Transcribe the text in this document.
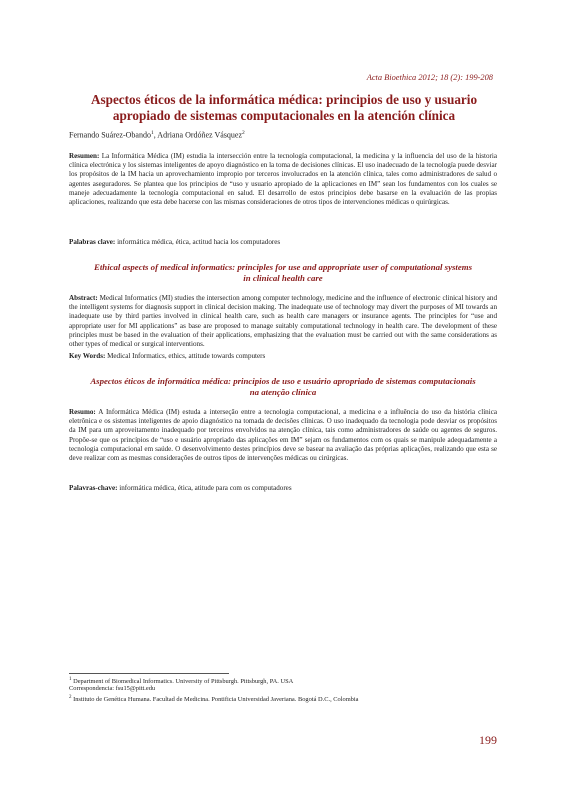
Acta Bioethica 2012; 18 (2): 199-208
Aspectos éticos de la informática médica: principios de uso y usuario apropiado de sistemas computacionales en la atención clínica
Fernando Suárez-Obando$^1$, Adriana Ordóñez Vásquez$^2$
Resumen: La Informática Médica (IM) estudia la intersección entre la tecnología computacional, la medicina y la influencia del uso de la historia clínica electrónica y los sistemas inteligentes de apoyo diagnóstico en la toma de decisiones clínicas. El uso inadecuado de la tecnología puede desviar los propósitos de la IM hacia un aprovechamiento impropio por terceros involucrados en la atención clínica, tales como administradores de salud o agentes aseguradores. Se plantea que los principios de “uso y usuario apropiado de la aplicaciones en IM” sean los fundamentos con los cuales se maneje adecuadamente la tecnología computacional en salud. El desarrollo de estos principios debe basarse en la evaluación de las propias aplicaciones, realizando que esta debe hacerse con las mismas consideraciones de otros tipos de intervenciones médicas o quirúrgicas.
Palabras clave: informática médica, ética, actitud hacia los computadores
Ethical aspects of medical informatics: principles for use and appropriate user of computational systems in clinical health care
Abstract: Medical Informatics (MI) studies the intersection among computer technology, medicine and the influence of electronic clinical history and the intelligent systems for diagnosis support in clinical decision making. The inadequate use of technology may divert the purposes of MI towards an inadequate use by third parties involved in clinical health care, such as health care managers or insurance agents. The principles for “use and appropriate user for MI applications” as base are proposed to manage suitably computational technology in health care. The development of these principles must be based in the evaluation of their applications, emphasizing that the evaluation must be carried out with the same considerations as other types of medical or surgical interventions.
Key Words: Medical Informatics, ethics, attitude towards computers
Aspectos éticos de informática médica: principios de uso e usuário apropriado de sistemas computacionais na atenção clínica
Resumo: A Informática Médica (IM) estuda a interseção entre a tecnologia computacional, a medicina e a influência do uso da história clínica eletrônica e os sistemas inteligentes de apoio diagnóstico na tomada de decisões clínicas. O uso inadequado da tecnologia pode desviar os propósitos da IM para um aproveitamento inadequado por terceiros envolvidos na atenção clínica, tais como administradores de saúde ou agentes de seguros. Propõe-se que os princípios de “uso e usuário apropriado das aplicações em IM” sejam os fundamentos com os quais se manipule adequadamente a tecnologia computacional em saúde. O desenvolvimento destes princípios deve se basear na avaliação das próprias aplicações, realizando que esta se deve realizar com as mesmas considerações de outros tipos de intervenções médicas ou cirúrgicas.
Palavras-chave: informática médica, ética, atitude para com os computadores
$^1$ Department of Biomedical Informatics. University of Pittsburgh. Pittsburgh, PA. USA
Correspondencia: fsu15@pitt.edu
$^2$ Instituto de Genética Humana. Facultad de Medicina. Pontificia Universidad Javeriana. Bogotá D.C., Colombia
199
